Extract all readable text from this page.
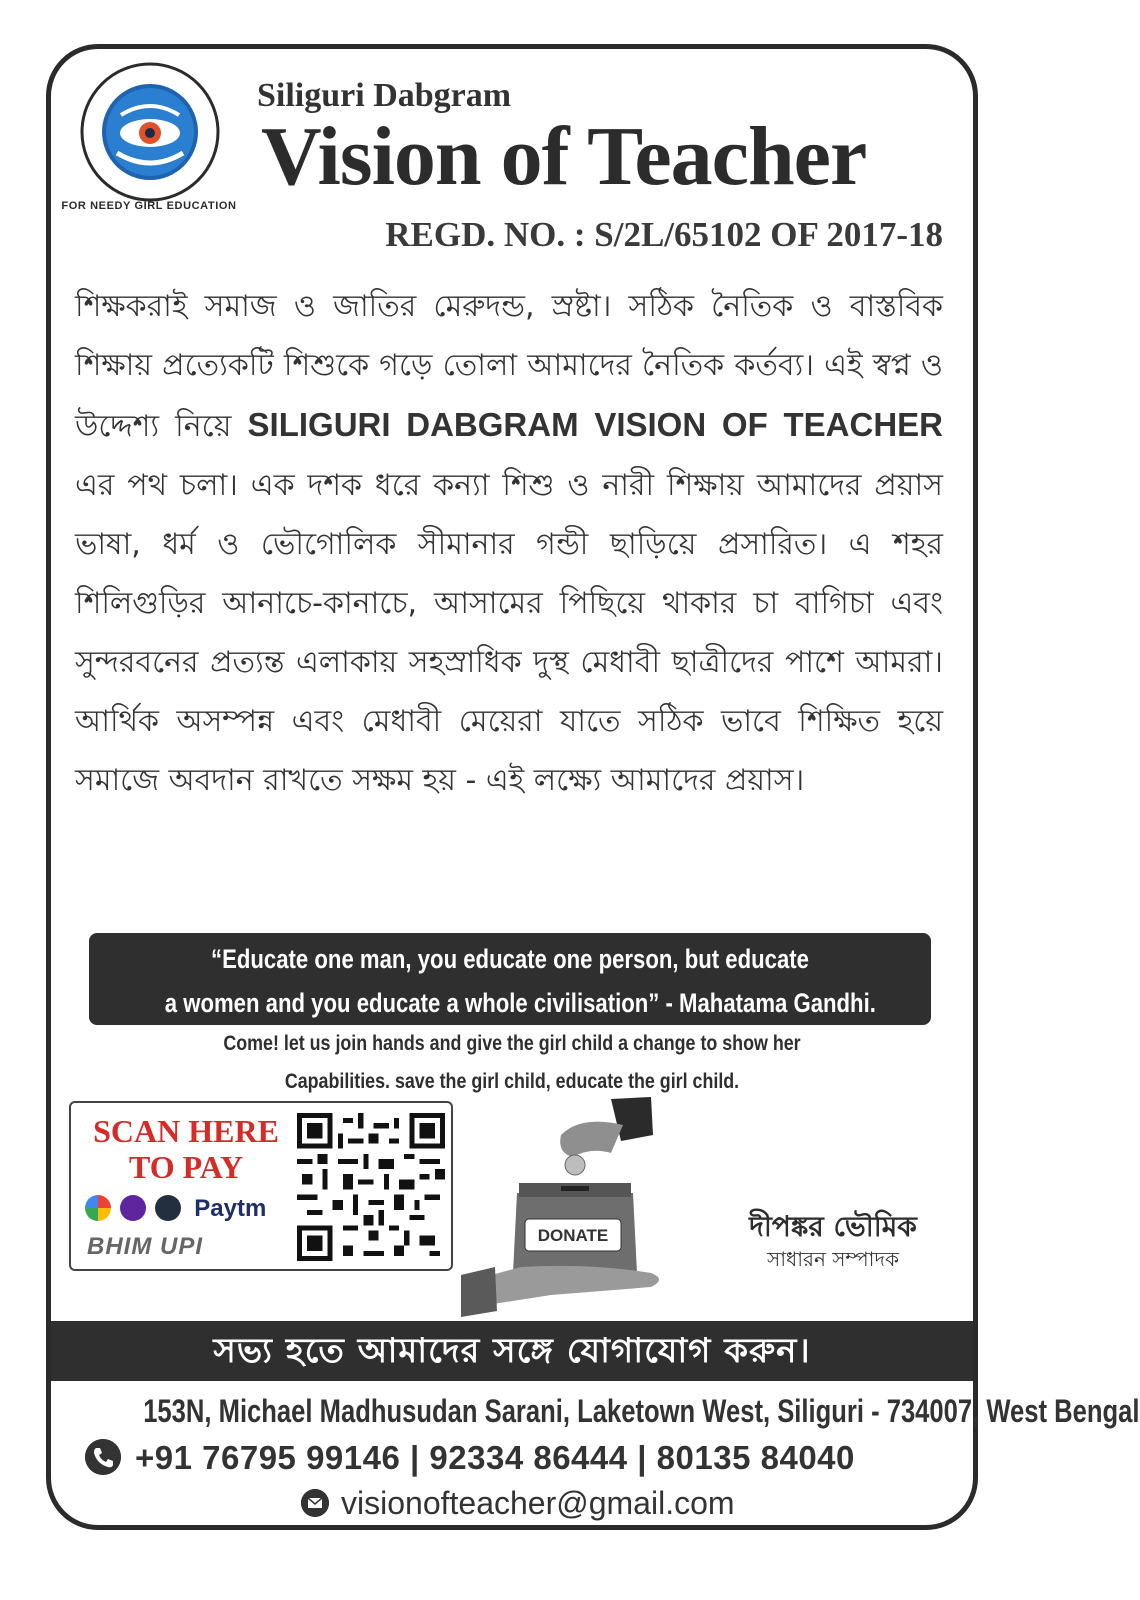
FOR NEEDY GIRL EDUCATION
Siliguri Dabgram
Vision of Teacher
REGD. NO. : S/2L/65102 OF 2017-18
শিক্ষকরাই সমাজ ও জাতির মেরুদন্ড, স্রষ্টা। সঠিক নৈতিক ও বাস্তবিক শিক্ষায় প্রত্যেকটি শিশুকে গড়ে তোলা আমাদের নৈতিক কর্তব্য। এই স্বপ্ন ও উদ্দেশ্য নিয়ে SILIGURI DABGRAM VISION OF TEACHER এর পথ চলা। এক দশক ধরে কন্যা শিশু ও নারী শিক্ষায় আমাদের প্রয়াস ভাষা, ধর্ম ও ভৌগোলিক সীমানার গন্ডী ছাড়িয়ে প্রসারিত। এ শহর শিলিগুড়ির আনাচে-কানাচে, আসামের পিছিয়ে থাকার চা বাগিচা এবং সুন্দরবনের প্রত্যন্ত এলাকায় সহস্রাধিক দুস্থ মেধাবী ছাত্রীদের পাশে আমরা। আর্থিক অসম্পন্ন এবং মেধাবী মেয়েরা যাতে সঠিক ভাবে শিক্ষিত হয়ে সমাজে অবদান রাখতে সক্ষম হয় - এই লক্ষ্যে আমাদের প্রয়াস।
“Educate one man, you educate one person, but educate
a women and you educate a whole civilisation” - Mahatama Gandhi.
Come! let us join hands and give the girl child a change to show her
Capabilities. save the girl child, educate the girl child.
SCAN HERE
TO PAY
Paytm
BHIM UPI	DONATE	দীপঙ্কর ভৌমিক
সাধারন সম্পাদক
সভ্য হতে আমাদের সঙ্গে যোগাযোগ করুন।
153N, Michael Madhusudan Sarani, Laketown West, Siliguri - 734007, West Bengal
+91 76795 99146 | 92334 86444 | 80135 84040
visionofteacher@gmail.com
